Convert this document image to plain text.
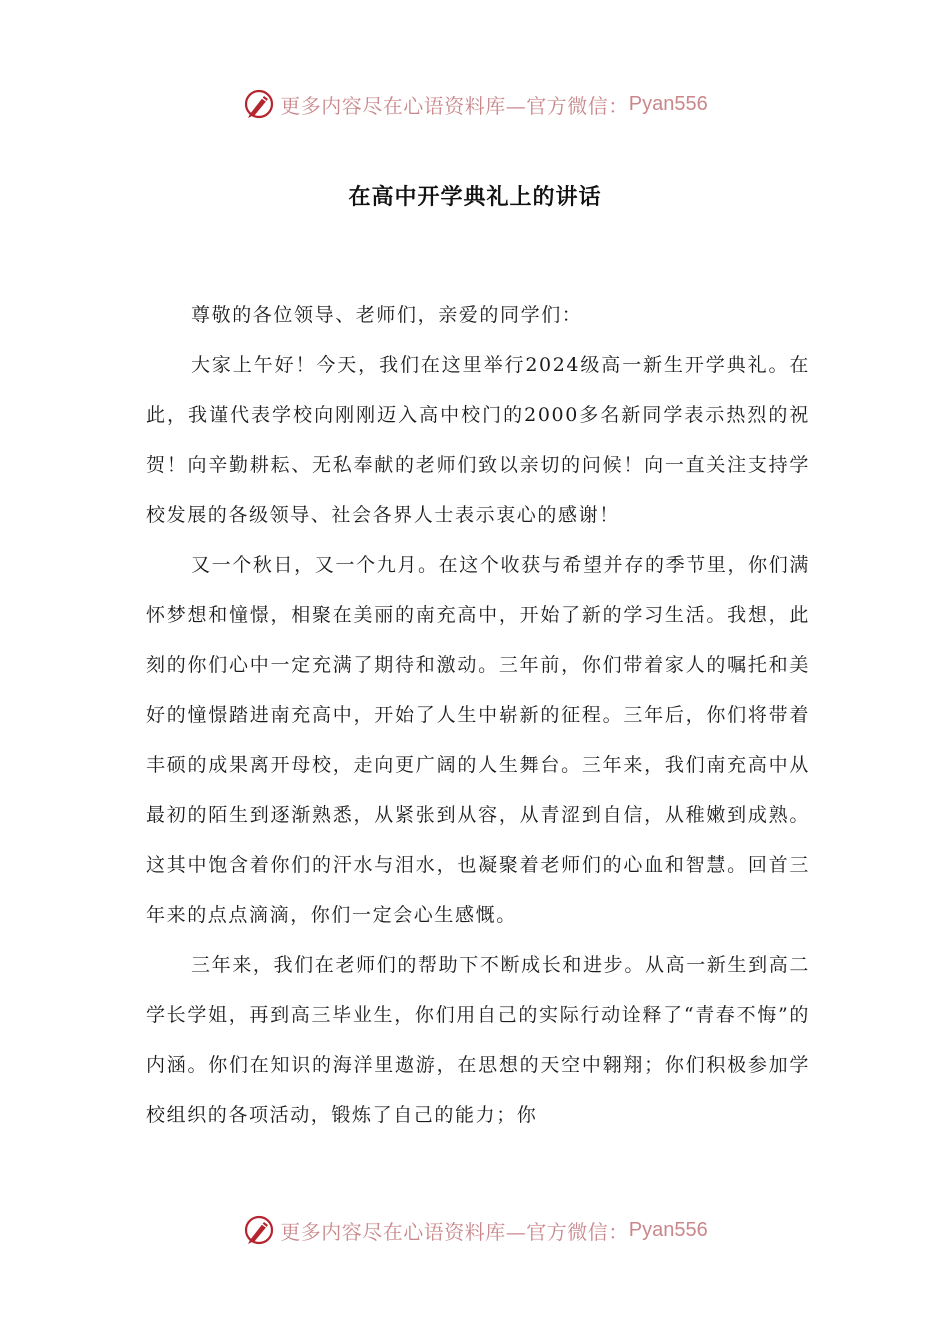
更多内容尽在心语资料库—官方微信： Pyan556
在高中开学典礼上的讲话

尊敬的各位领导、老师们，亲爱的同学们：

大家上午好！今天，我们在这里举行2024级高一新生开学典礼。在此，我谨代表学校向刚刚迈入高中校门的2000多名新同学表示热烈的祝贺！向辛勤耕耘、无私奉献的老师们致以亲切的问候！向一直关注支持学校发展的各级领导、社会各界人士表示衷心的感谢！

又一个秋日，又一个九月。在这个收获与希望并存的季节里，你们满怀梦想和憧憬，相聚在美丽的南充高中，开始了新的学习生活。我想，此刻的你们心中一定充满了期待和激动。三年前，你们带着家人的嘱托和美好的憧憬踏进南充高中，开始了人生中崭新的征程。三年后，你们将带着丰硕的成果离开母校，走向更广阔的人生舞台。三年来，我们南充高中从最初的陌生到逐渐熟悉，从紧张到从容，从青涩到自信，从稚嫩到成熟。这其中饱含着你们的汗水与泪水，也凝聚着老师们的心血和智慧。回首三年来的点点滴滴，你们一定会心生感慨。

三年来，我们在老师们的帮助下不断成长和进步。从高一新生到高二学长学姐，再到高三毕业生，你们用自己的实际行动诠释了“青春不悔”的内涵。你们在知识的海洋里遨游，在思想的天空中翱翔；你们积极参加学校组织的各项活动，锻炼了自己的能力；你

更多内容尽在心语资料库—官方微信： Pyan556
